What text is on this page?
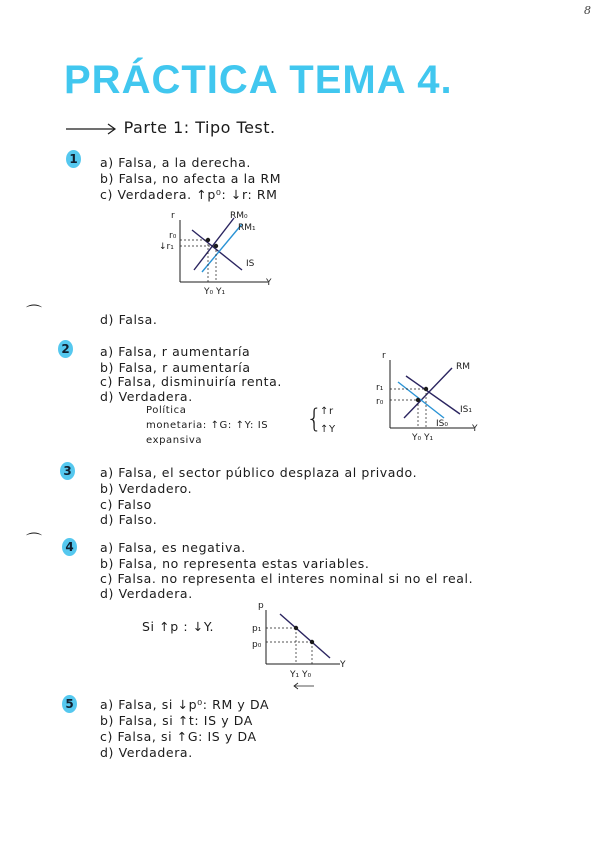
8
PRÁCTICA TEMA 4.
Parte 1: Tipo Test.
1 a) Falsa, a la derecha.
b) Falsa, no afecta a la RM
c) Verdadera. ↑p⁰: ↓r: RM
r
Y
RM₀
RM₁
IS
r₀
↓r₁
Y₀ Y₁
⌒	d) Falsa.
2 a) Falsa, r aumentaría
b) Falsa, r aumentaría
c) Falsa, disminuiría renta.
d) Verdadera.
Política
monetaria: ↑G: ↑Y: IS
expansiva
{
↑r
↑Y
r
Y
RM
IS₁
IS₀
r₁
r₀
Y₀ Y₁
3 a) Falsa, el sector público desplaza al privado.
b) Verdadero.
c) Falso
d) Falso.
⌒ 4 a) Falsa, es negativa.
b) Falsa, no representa estas variables.
c) Falsa. no representa el interes nominal si no el real.
d) Verdadera.
Si ↑p : ↓Y.
p
Y
p₁
p₀
Y₁ Y₀
5 a) Falsa, si ↓p⁰: RM y DA
b) Falsa, si ↑t: IS y DA
c) Falsa, si ↑G: IS y DA
d) Verdadera.
